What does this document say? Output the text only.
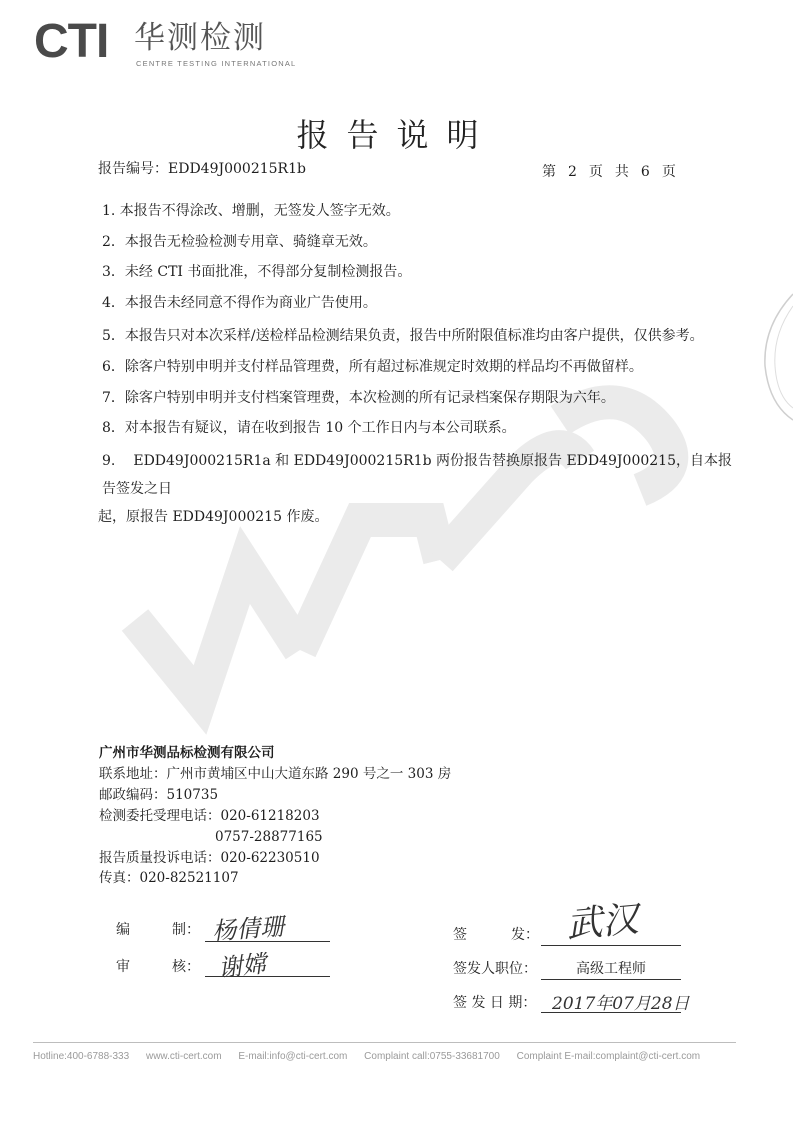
CTI 华测检测
CENTRE TESTING INTERNATIONAL
报告说明
报告编号：EDD49J000215R1b	第 2 页 共 6 页
1. 本报告不得涂改、增删，无签发人签字无效。
2．本报告无检验检测专用章、骑缝章无效。
3．未经 CTI 书面批准，不得部分复制检测报告。
4．本报告未经同意不得作为商业广告使用。
5．本报告只对本次采样/送检样品检测结果负责，报告中所附限值标准均由客户提供，仅供参考。
6．除客户特别申明并支付样品管理费，所有超过标准规定时效期的样品均不再做留样。
7．除客户特别申明并支付档案管理费，本次检测的所有记录档案保存期限为六年。
8．对本报告有疑议，请在收到报告 10 个工作日内与本公司联系。
9. EDD49J000215R1a 和 EDD49J000215R1b 两份报告替换原报告 EDD49J000215，自本报告签发之日
起，原报告 EDD49J000215 作废。
广州市华测品标检测有限公司
联系地址：广州市黄埔区中山大道东路 290 号之一 303 房
邮政编码：510735
检测委托受理电话：020-61218203
0757-28877165
报告质量投诉电话：020-62230510
传真：020-82521107
编	制： 杨倩珊
审	核： 谢嫦
签	发： 武汉
签发人职位：	高级工程师
签 发 日 期： 2017年07月28日
Hotline:400-6788-333 www.cti-cert.com E-mail:info@cti-cert.com Complaint call:0755-33681700 Complaint E-mail:complaint@cti-cert.com
